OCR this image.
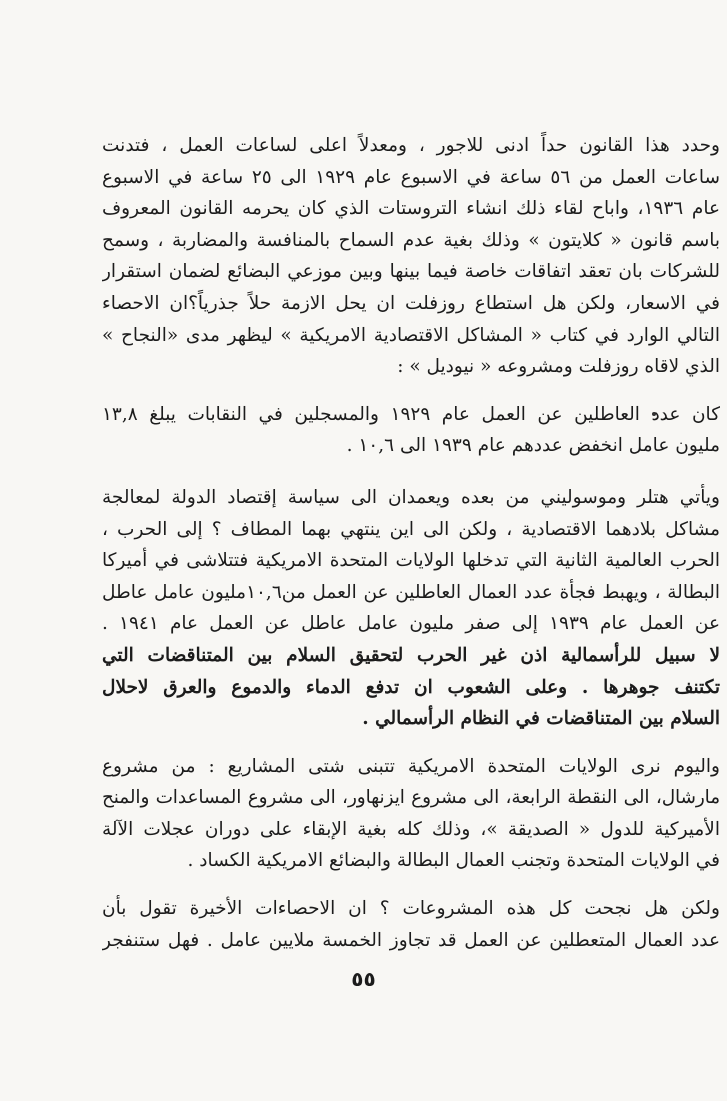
وحدد هذا القانون حداً ادنى للاجور ، ومعدلاً اعلى لساعات العمل ، فتدنت
ساعات العمل من ٥٦ ساعة في الاسبوع عام ١٩٢٩ الى ٢٥ ساعة في الاسبوع
عام ١٩٣٦، واباح لقاء ذلك انشاء التروستات الذي كان يحرمه القانون المعروف
باسم قانون « كلايتون » وذلك بغية عدم السماح بالمنافسة والمضاربة ، وسمح
للشركات بان تعقد اتفاقات خاصة فيما بينها وبين موزعي البضائع لضمان استقرار
في الاسعار، ولكن هل استطاع روزفلت ان يحل الازمة حلاً جذرياً؟ان الاحصاء
التالي الوارد في كتاب « المشاكل الاقتصادية الامريكية » ليظهر مدى «النجاح »
الذي لاقاه روزفلت ومشروعه « نيوديل » :

كان عدد العاطلين عن العمل عام ١٩٢٩ والمسجلين في النقابات يبلغ ١٣,٨
مليون عامل انخفض عددهم عام ١٩٣٩ الى ١٠,٦ .

ويأتي هتلر وموسوليني من بعده ويعمدان الى سياسة إقتصاد الدولة لمعالجة
مشاكل بلادهما الاقتصادية ، ولكن الى اين ينتهي بهما المطاف ؟ إلى الحرب ،
الحرب العالمية الثانية التي تدخلها الولايات المتحدة الامريكية فتتلاشى في أميركا
البطالة ، ويهبط فجأة عدد العمال العاطلين عن العمل من١٠,٦مليون عامل عاطل
عن العمل عام ١٩٣٩ إلى صفر مليون عامل عاطل عن العمل عام ١٩٤١ .
لا سبيل للرأسمالية اذن غير الحرب لتحقيق السلام بين المتناقضات التي
تكتنف جوهرها . وعلى الشعوب ان تدفع الدماء والدموع والعرق لاحلال
السلام بين المتناقضات في النظام الرأسمالي .

واليوم نرى الولايات المتحدة الامريكية تتبنى شتى المشاريع : من مشروع
مارشال، الى النقطة الرابعة، الى مشروع ايزنهاور، الى مشروع المساعدات والمنح
الأميركية للدول « الصديقة »، وذلك كله بغية الإبقاء على دوران عجلات الآلة
في الولايات المتحدة وتجنب العمال البطالة والبضائع الامريكية الكساد .

ولكن هل نجحت كل هذه المشروعات ؟ ان الاحصاءات الأخيرة تقول بأن
عدد العمال المتعطلين عن العمل قد تجاوز الخمسة ملايين عامل . فهل ستنفجر

٥٥
